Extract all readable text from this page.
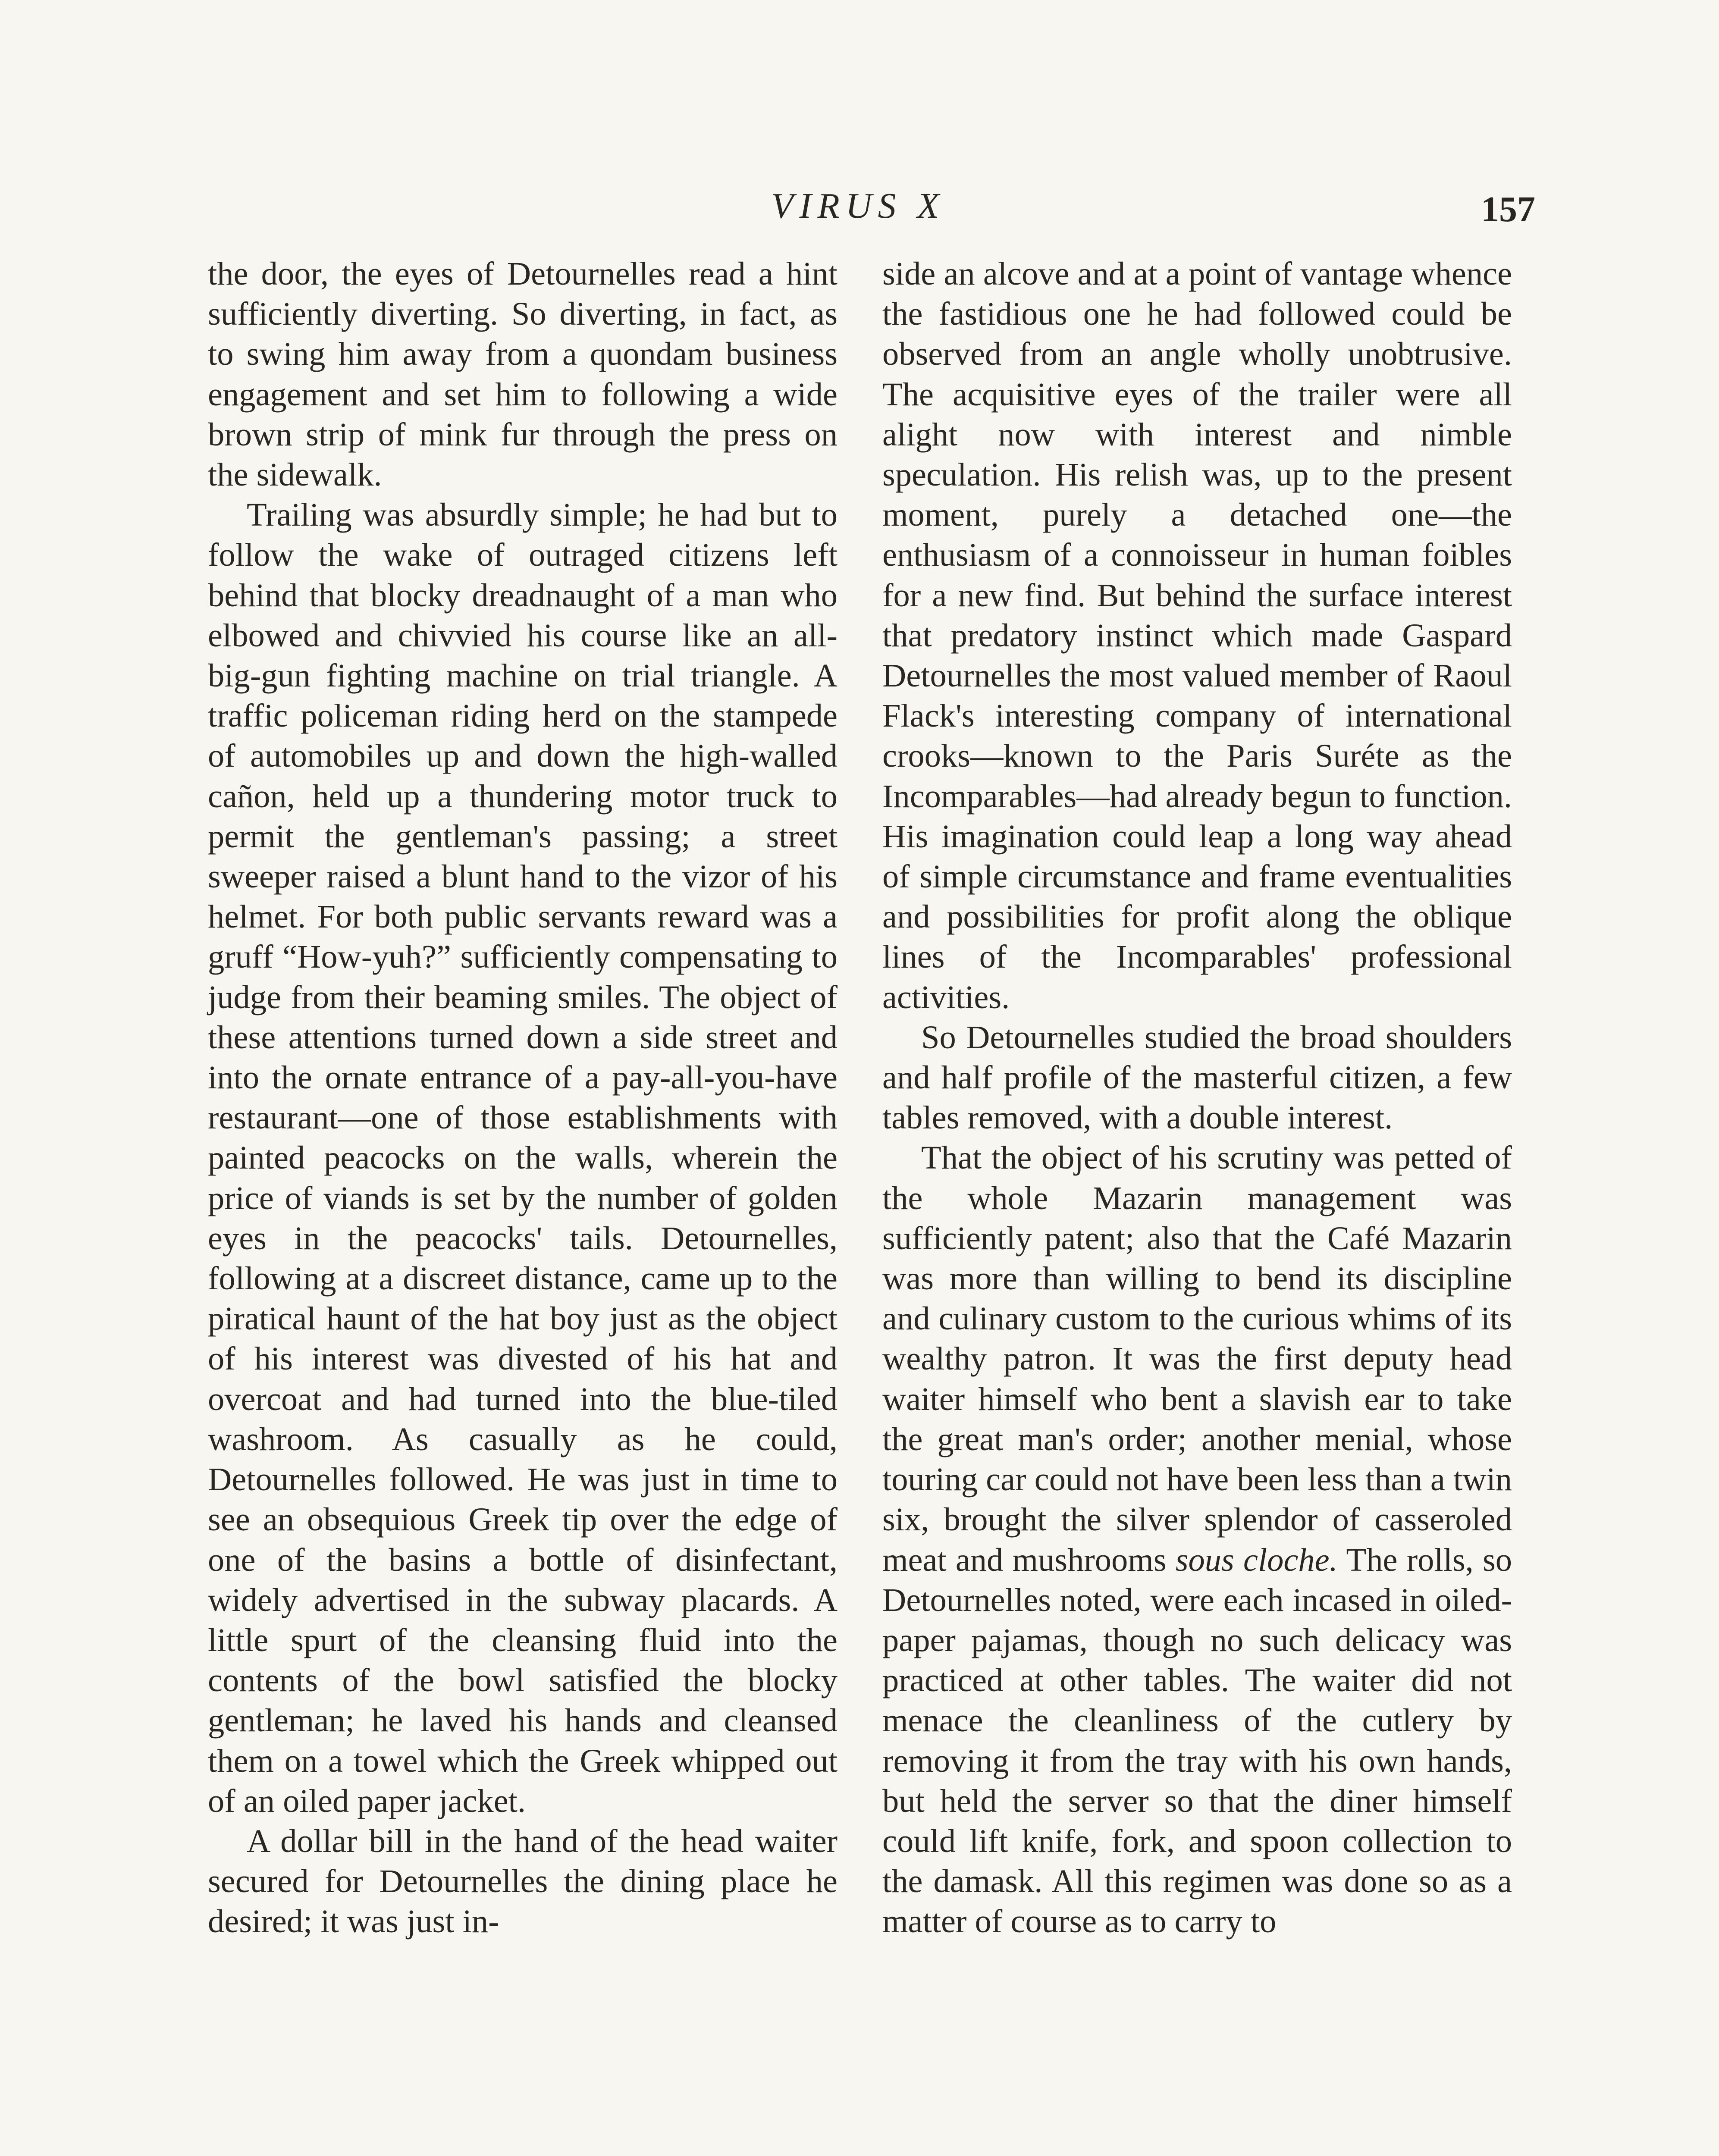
VIRUS X	157

the door, the eyes of Detournelles read a hint sufficiently diverting. So diverting, in fact, as to swing him away from a quondam business engagement and set him to following a wide brown strip of mink fur through the press on the sidewalk.

Trailing was absurdly simple; he had but to follow the wake of outraged citizens left behind that blocky dreadnaught of a man who elbowed and chivvied his course like an all-big-gun fighting machine on trial triangle. A traffic policeman riding herd on the stampede of automobiles up and down the high-walled cañon, held up a thundering motor truck to permit the gentleman's passing; a street sweeper raised a blunt hand to the vizor of his helmet. For both public servants reward was a gruff “How-yuh?” sufficiently compensating to judge from their beaming smiles. The object of these attentions turned down a side street and into the ornate entrance of a pay-all-you-have restaurant—one of those establishments with painted peacocks on the walls, wherein the price of viands is set by the number of golden eyes in the peacocks' tails. Detournelles, following at a discreet distance, came up to the piratical haunt of the hat boy just as the object of his interest was divested of his hat and overcoat and had turned into the blue-tiled washroom. As casually as he could, Detournelles followed. He was just in time to see an obsequious Greek tip over the edge of one of the basins a bottle of disinfectant, widely advertised in the subway placards. A little spurt of the cleansing fluid into the contents of the bowl satisfied the blocky gentleman; he laved his hands and cleansed them on a towel which the Greek whipped out of an oiled paper jacket.

A dollar bill in the hand of the head waiter secured for Detournelles the dining place he desired; it was just in-

side an alcove and at a point of vantage whence the fastidious one he had followed could be observed from an angle wholly unobtrusive. The acquisitive eyes of the trailer were all alight now with interest and nimble speculation. His relish was, up to the present moment, purely a detached one—the enthusiasm of a connoisseur in human foibles for a new find. But behind the surface interest that predatory instinct which made Gaspard Detournelles the most valued member of Raoul Flack's interesting company of international crooks—known to the Paris Suréte as the Incomparables—had already begun to function. His imagination could leap a long way ahead of simple circumstance and frame eventualities and possibilities for profit along the oblique lines of the Incomparables' professional activities.

So Detournelles studied the broad shoulders and half profile of the masterful citizen, a few tables removed, with a double interest.

That the object of his scrutiny was petted of the whole Mazarin management was sufficiently patent; also that the Café Mazarin was more than willing to bend its discipline and culinary custom to the curious whims of its wealthy patron. It was the first deputy head waiter himself who bent a slavish ear to take the great man's order; another menial, whose touring car could not have been less than a twin six, brought the silver splendor of casseroled meat and mushrooms sous cloche. The rolls, so Detournelles noted, were each incased in oiled-paper pajamas, though no such delicacy was practiced at other tables. The waiter did not menace the cleanliness of the cutlery by removing it from the tray with his own hands, but held the server so that the diner himself could lift knife, fork, and spoon collection to the damask. All this regimen was done so as a matter of course as to carry to
